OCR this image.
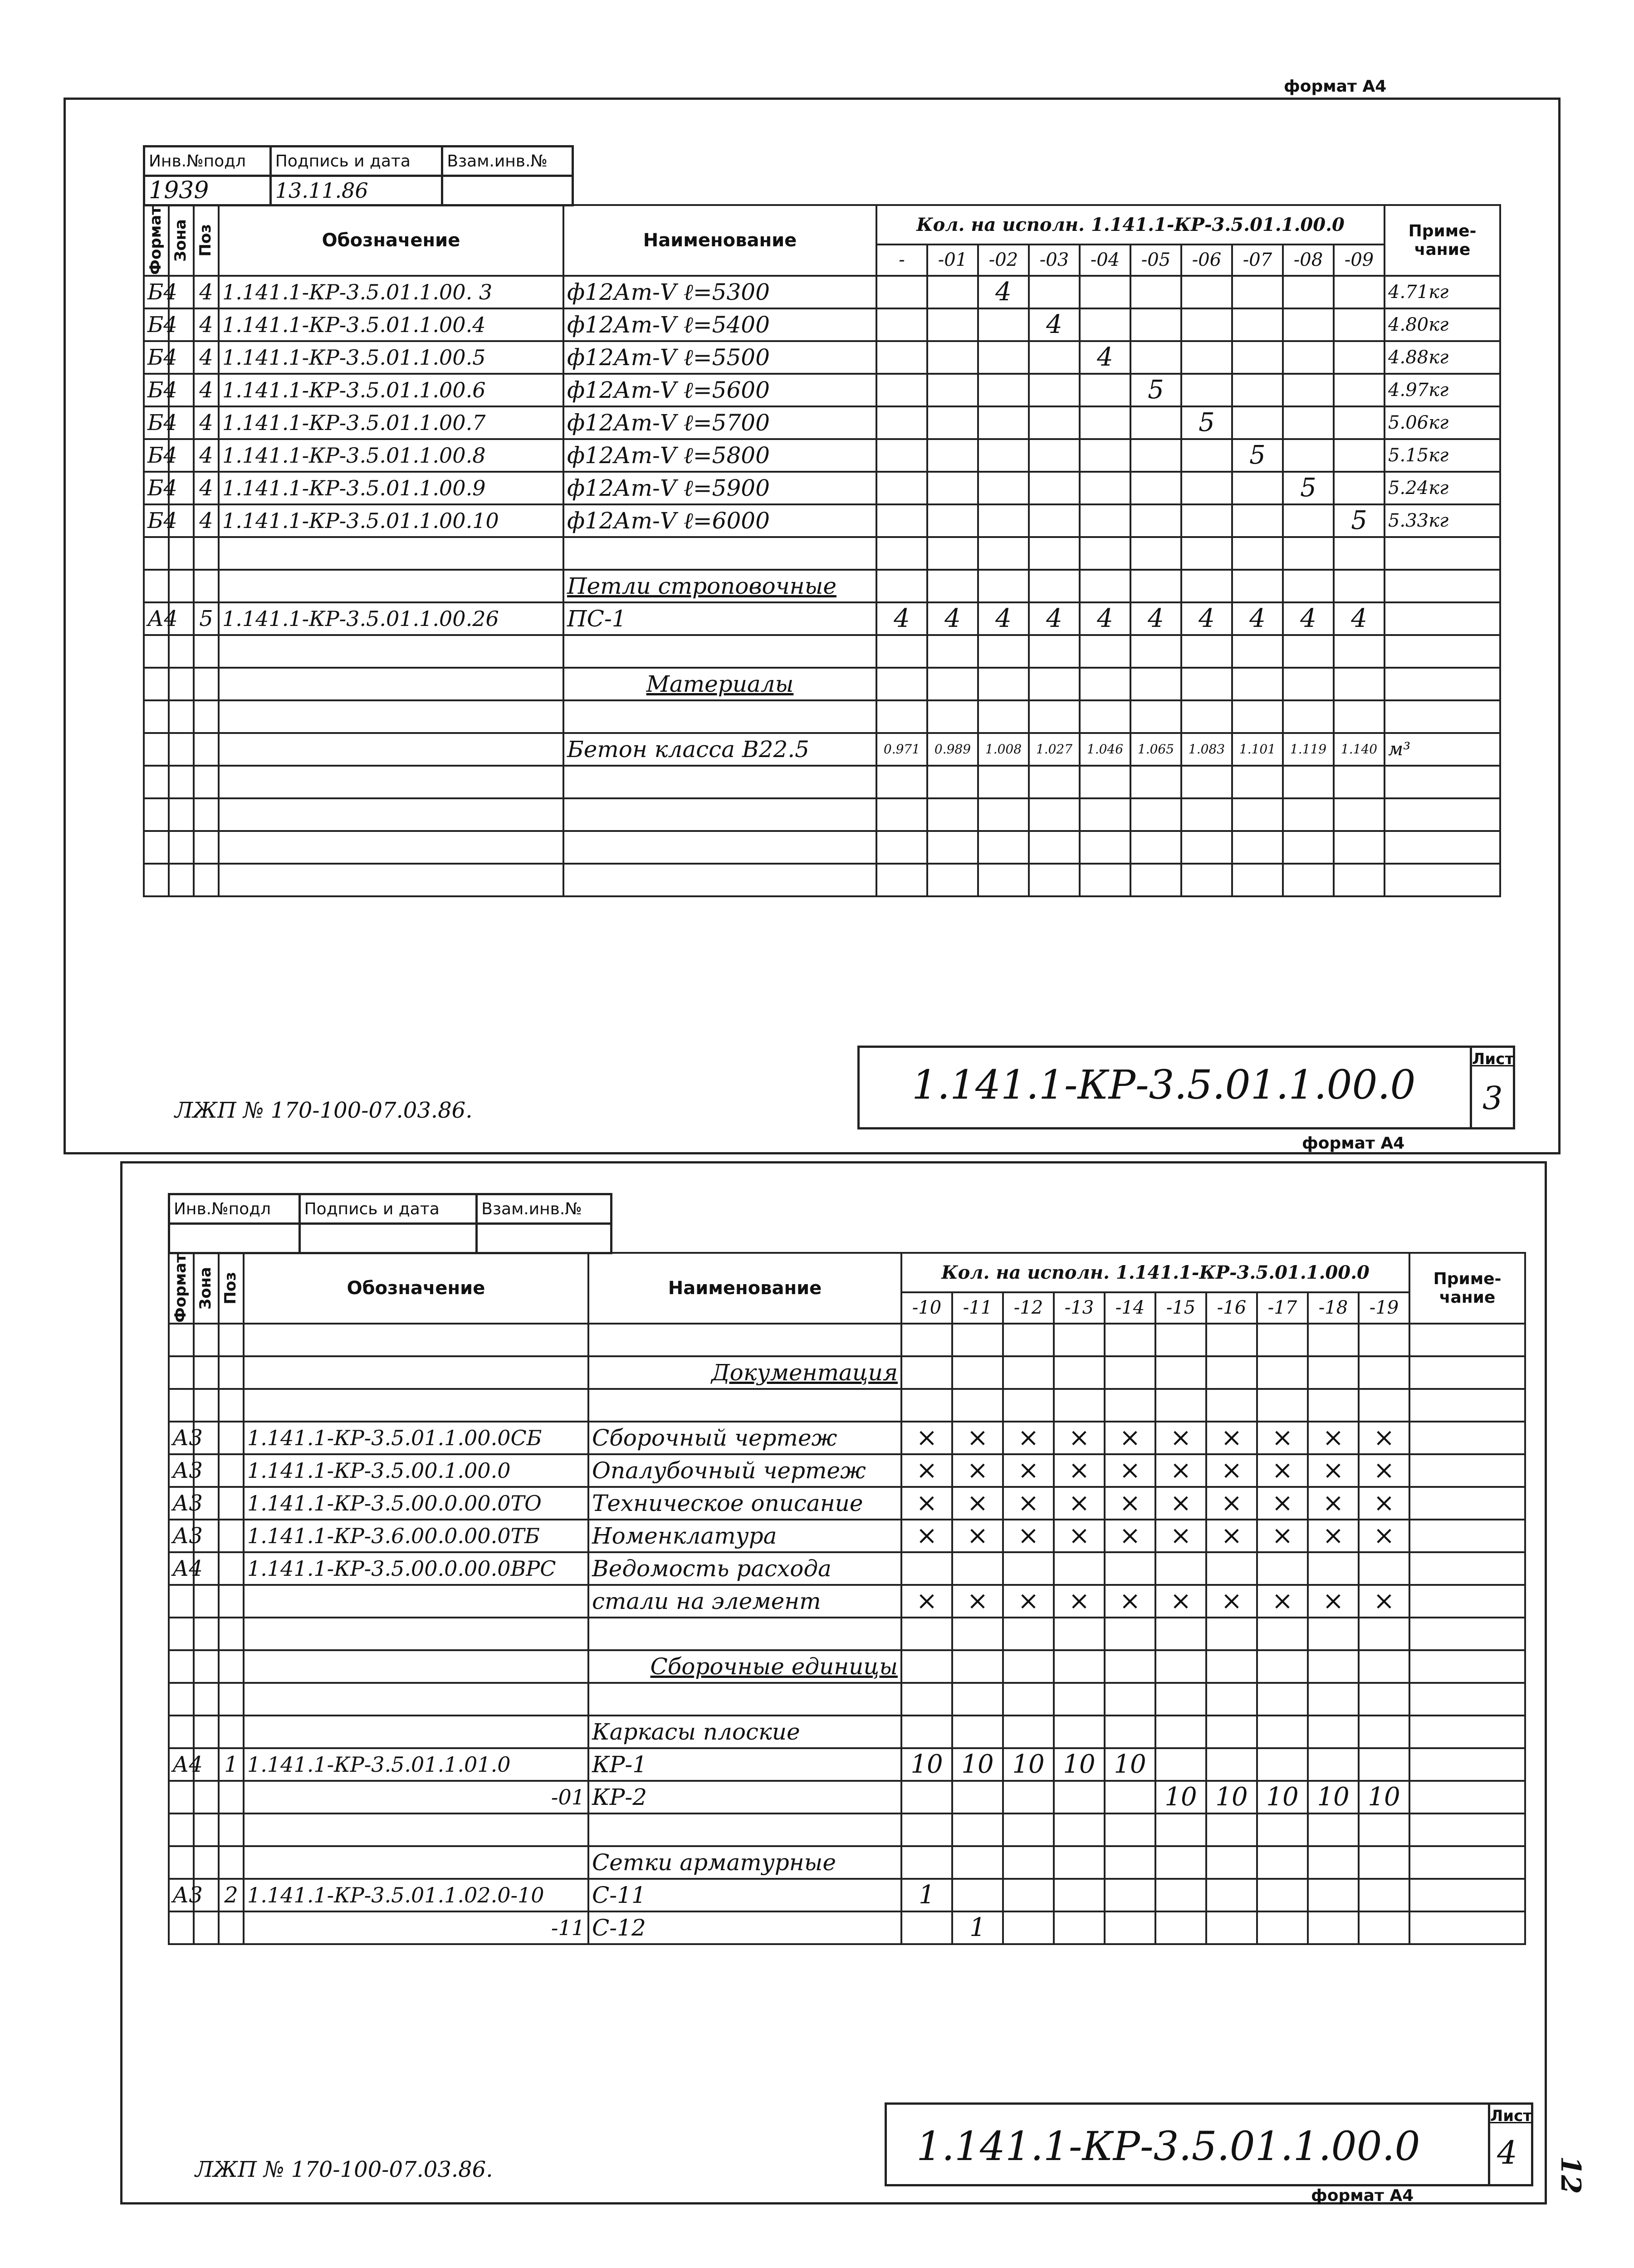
формат А4
Инв.№подл	Подпись и дата	Взам.инв.№
1939	13.11.86	
Формат	Зона	Поз	Обозначение	Наименование	Кол. на исполн. 1.141.1-КР-3.5.01.1.00.0										Приме-чание
					-	-01	-02	-03	-04	-05	-06	-07	-08	-09	
Б4		4	1.141.1-КР-3.5.01.1.00. 3	ф12Ат-V ℓ=5300			4								4.71кг
Б4		4	1.141.1-КР-3.5.01.1.00.4	ф12Ат-V ℓ=5400				4							4.80кг
Б4		4	1.141.1-КР-3.5.01.1.00.5	ф12Ат-V ℓ=5500					4						4.88кг
Б4		4	1.141.1-КР-3.5.01.1.00.6	ф12Ат-V ℓ=5600						5					4.97кг
Б4		4	1.141.1-КР-3.5.01.1.00.7	ф12Ат-V ℓ=5700							5				5.06кг
Б4		4	1.141.1-КР-3.5.01.1.00.8	ф12Ат-V ℓ=5800								5			5.15кг
Б4		4	1.141.1-КР-3.5.01.1.00.9	ф12Ат-V ℓ=5900									5		5.24кг
Б4		4	1.141.1-КР-3.5.01.1.00.10	ф12Ат-V ℓ=6000										5	5.33кг

				Петли строповочные											
А4		5	1.141.1-КР-3.5.01.1.00.26	ПС-1	4	4	4	4	4	4	4	4	4	4	

				Материалы											

				Бетон класса В22.5	0.971	0.989	1.008	1.027	1.046	1.065	1.083	1.101	1.119	1.140	м³

1.141.1-КР-3.5.01.1.00.0
Лист
3
ЛЖП № 170-100-07.03.86.
формат А4
Инв.№подл	Подпись и дата	Взам.инв.№

Формат	Зона	Поз	Обозначение	Наименование	Кол. на исполн. 1.141.1-КР-3.5.01.1.00.0										Приме-чание
					-10	-11	-12	-13	-14	-15	-16	-17	-18	-19	

				Документация											

А3			1.141.1-КР-3.5.01.1.00.0СБ	Сборочный чертеж	×	×	×	×	×	×	×	×	×	×	
А3			1.141.1-КР-3.5.00.1.00.0	Опалубочный чертеж	×	×	×	×	×	×	×	×	×	×	
А3			1.141.1-КР-3.5.00.0.00.0ТО	Техническое описание	×	×	×	×	×	×	×	×	×	×	
А3			1.141.1-КР-3.6.00.0.00.0ТБ	Номенклатура	×	×	×	×	×	×	×	×	×	×	
А4			1.141.1-КР-3.5.00.0.00.0ВРС	Ведомость расхода											
				стали на элемент	×	×	×	×	×	×	×	×	×	×	

				Сборочные единицы											

				Каркасы плоские											
А4		1	1.141.1-КР-3.5.01.1.01.0	КР-1	10	10	10	10	10						
			-01	КР-2						10	10	10	10	10	

				Сетки арматурные											
А3		2	1.141.1-КР-3.5.01.1.02.0-10	С-11	1										
			-11	С-12		1									
1.141.1-КР-3.5.01.1.00.0
Лист
4
ЛЖП № 170-100-07.03.86.
формат А4
12
